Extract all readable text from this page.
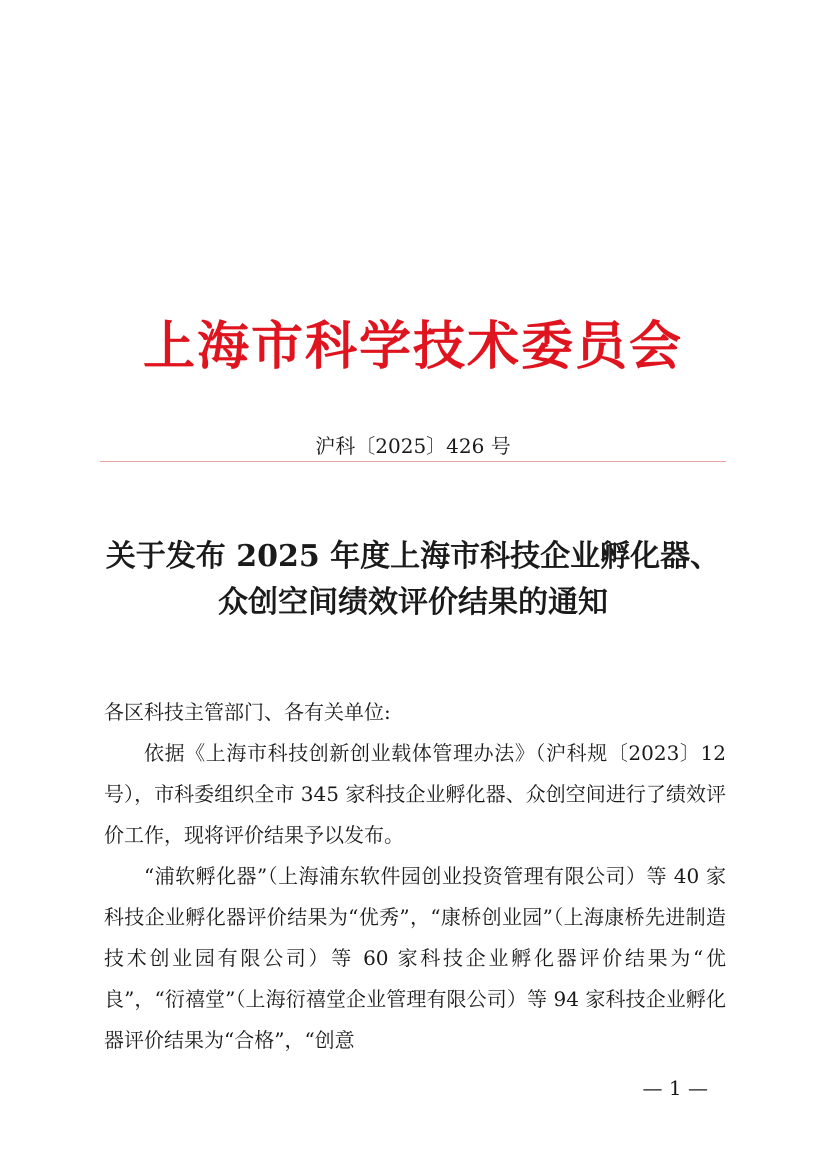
上海市科学技术委员会
沪科〔2025〕426 号
关于发布 2025 年度上海市科技企业孵化器、
众创空间绩效评价结果的通知

各区科技主管部门、各有关单位:

依据《上海市科技创新创业载体管理办法》（沪科规〔2023〕12 号），市科委组织全市 345 家科技企业孵化器、众创空间进行了绩效评价工作，现将评价结果予以发布。

“浦软孵化器”（上海浦东软件园创业投资管理有限公司）等 40 家科技企业孵化器评价结果为“优秀”，“康桥创业园”（上海康桥先进制造技术创业园有限公司）等 60 家科技企业孵化器评价结果为“优良”，“衍禧堂”（上海衍禧堂企业管理有限公司）等 94 家科技企业孵化器评价结果为“合格”，“创意

— 1 —
